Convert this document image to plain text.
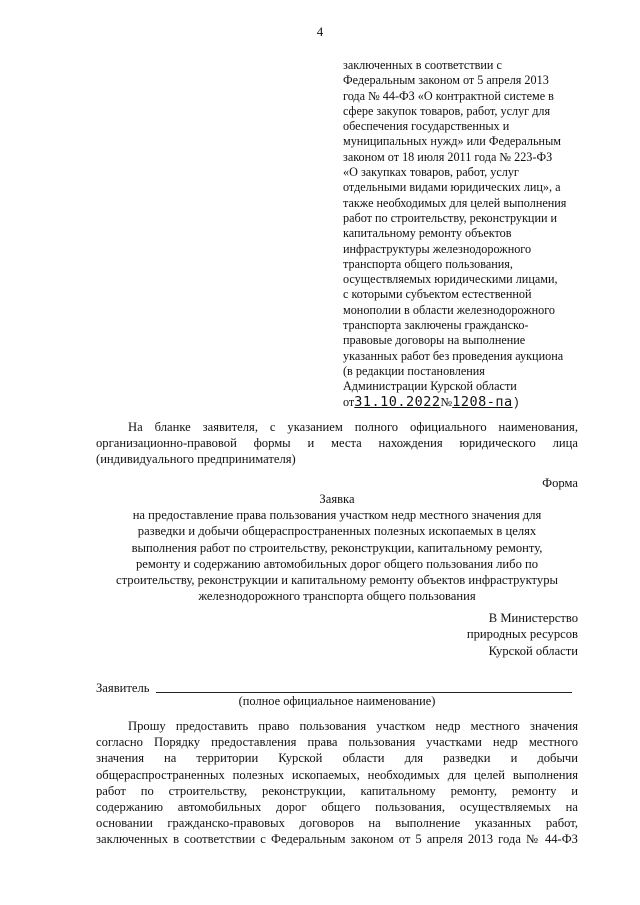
4
заключенных в соответствии с
Федеральным законом от 5 апреля 2013
года № 44-ФЗ «О контрактной системе в
сфере закупок товаров, работ, услуг для
обеспечения государственных и
муниципальных нужд» или Федеральным
законом от 18 июля 2011 года № 223-ФЗ
«О закупках товаров, работ, услуг
отдельными видами юридических лиц», а
также необходимых для целей выполнения
работ по строительству, реконструкции и
капитальному ремонту объектов
инфраструктуры железнодорожного
транспорта общего пользования,
осуществляемых юридическими лицами,
с которыми субъектом естественной
монополии в области железнодорожного
транспорта заключены гражданско-
правовые договоры на выполнение
указанных работ без проведения аукциона
(в редакции постановления
Администрации Курской области
от31.10.2022№1208-па)
На бланке заявителя, с указанием полного официального наименования,
организационно-правовой формы и места нахождения юридического лица
(индивидуального предпринимателя)
Форма
Заявка
на предоставление права пользования участком недр местного значения для
разведки и добычи общераспространенных полезных ископаемых в целях
выполнения работ по строительству, реконструкции, капитальному ремонту,
ремонту и содержанию автомобильных дорог общего пользования либо по
строительству, реконструкции и капитальному ремонту объектов инфраструктуры
железнодорожного транспорта общего пользования
В Министерство
природных ресурсов
Курской области
Заявитель
(полное официальное наименование)
Прошу предоставить право пользования участком недр местного значения
согласно Порядку предоставления права пользования участками недр местного
значения на территории Курской области для разведки и добычи
общераспространенных полезных ископаемых, необходимых для целей выполнения
работ по строительству, реконструкции, капитальному ремонту, ремонту и
содержанию автомобильных дорог общего пользования, осуществляемых на
основании гражданско-правовых договоров на выполнение указанных работ,
заключенных в соответствии с Федеральным законом от 5 апреля 2013 года № 44-ФЗ
